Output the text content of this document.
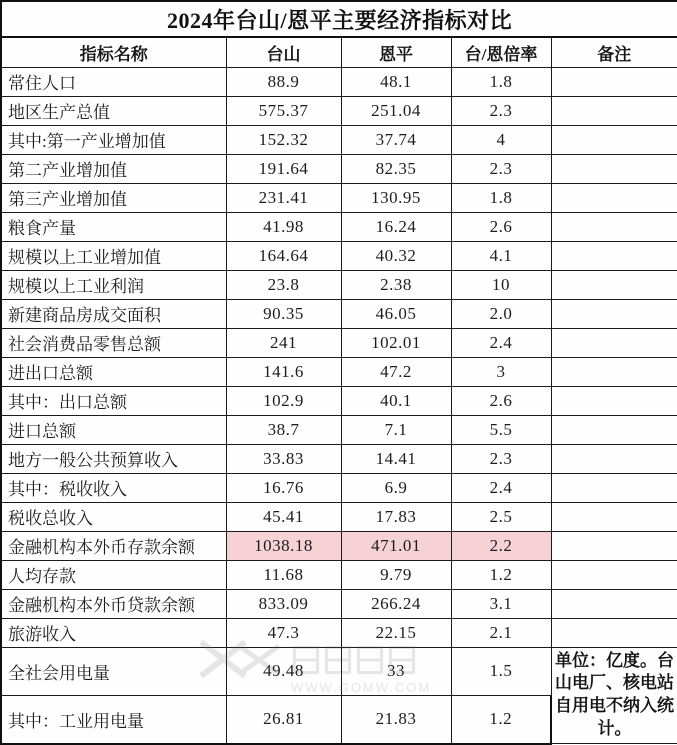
2024年台山/恩平主要经济指标对比				
指标名称	台山	恩平	台/恩倍率	备注
常住人口	88.9	48.1	1.8	
地区生产总值	575.37	251.04	2.3	
其中:第一产业增加值	152.32	37.74	4	
第二产业增加值	191.64	82.35	2.3	
第三产业增加值	231.41	130.95	1.8	
粮食产量	41.98	16.24	2.6	
规模以上工业增加值	164.64	40.32	4.1	
规模以上工业利润	23.8	2.38	10	
新建商品房成交面积	90.35	46.05	2.0	
社会消费品零售总额	241	102.01	2.4	
进出口总额	141.6	47.2	3	
其中：出口总额	102.9	40.1	2.6	
进口总额	38.7	7.1	5.5	
地方一般公共预算收入	33.83	14.41	2.3	
其中：税收收入	16.76	6.9	2.4	
税收总收入	45.41	17.83	2.5	
金融机构本外币存款余额	1038.18	471.01	2.2	
人均存款	11.68	9.79	1.2	
金融机构本外币贷款余额	833.09	266.24	3.1	
旅游收入	47.3	22.15	2.1	
全社会用电量	49.48	33	1.5	单位：亿度。台山电厂、核电站自用电不纳入统计。
其中：工业用电量	26.81	21.83	1.2	
